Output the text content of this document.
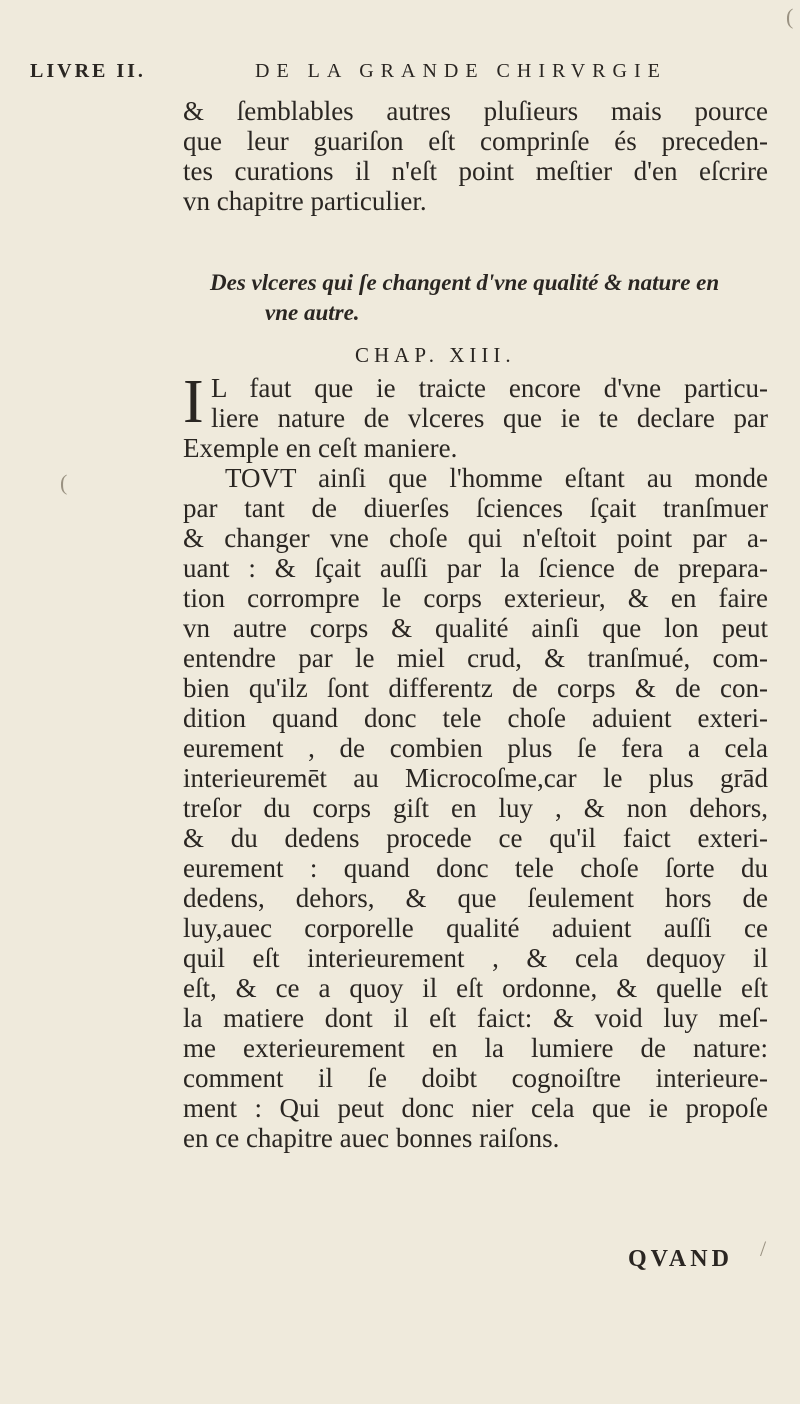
LIVRE II.	DE LA GRANDE CHIRVRGIE
& ſemblables autres pluſieurs mais pource
que leur guariſon eſt comprinſe és preceden-
tes curations il n'eſt point meſtier d'en eſcrire
vn chapitre particulier.
Des vlceres qui ſe changent d'vne qualité & nature en
vne autre.
CHAP. XIII.
I L faut que ie traicte encore d'vne particu-
liere nature de vlceres que ie te declare par
Exemple en ceſt maniere.
TOVT ainſi que l'homme eſtant au monde
par tant de diuerſes ſciences ſçait tranſmuer
& changer vne choſe qui n'eſtoit point par a-
uant : & ſçait auſſi par la ſcience de prepara-
tion corrompre le corps exterieur, & en faire
vn autre corps & qualité ainſi que lon peut
entendre par le miel crud, & tranſmué, com-
bien qu'ilz ſont differentz de corps & de con-
dition quand donc tele choſe aduient exteri-
eurement , de combien plus ſe fera a cela
interieuremēt au Microcoſme,car le plus grād
treſor du corps giſt en luy , & non dehors,
& du dedens procede ce qu'il faict exteri-
eurement : quand donc tele choſe ſorte du
dedens, dehors, & que ſeulement hors de
luy,auec corporelle qualité aduient auſſi ce
quil eſt interieurement , & cela dequoy il
eſt, & ce a quoy il eſt ordonne, & quelle eſt
la matiere dont il eſt faict: & void luy meſ-
me exterieurement en la lumiere de nature:
comment il ſe doibt cognoiſtre interieure-
ment : Qui peut donc nier cela que ie propoſe
en ce chapitre auec bonnes raiſons.
QVAND
(
(
/
